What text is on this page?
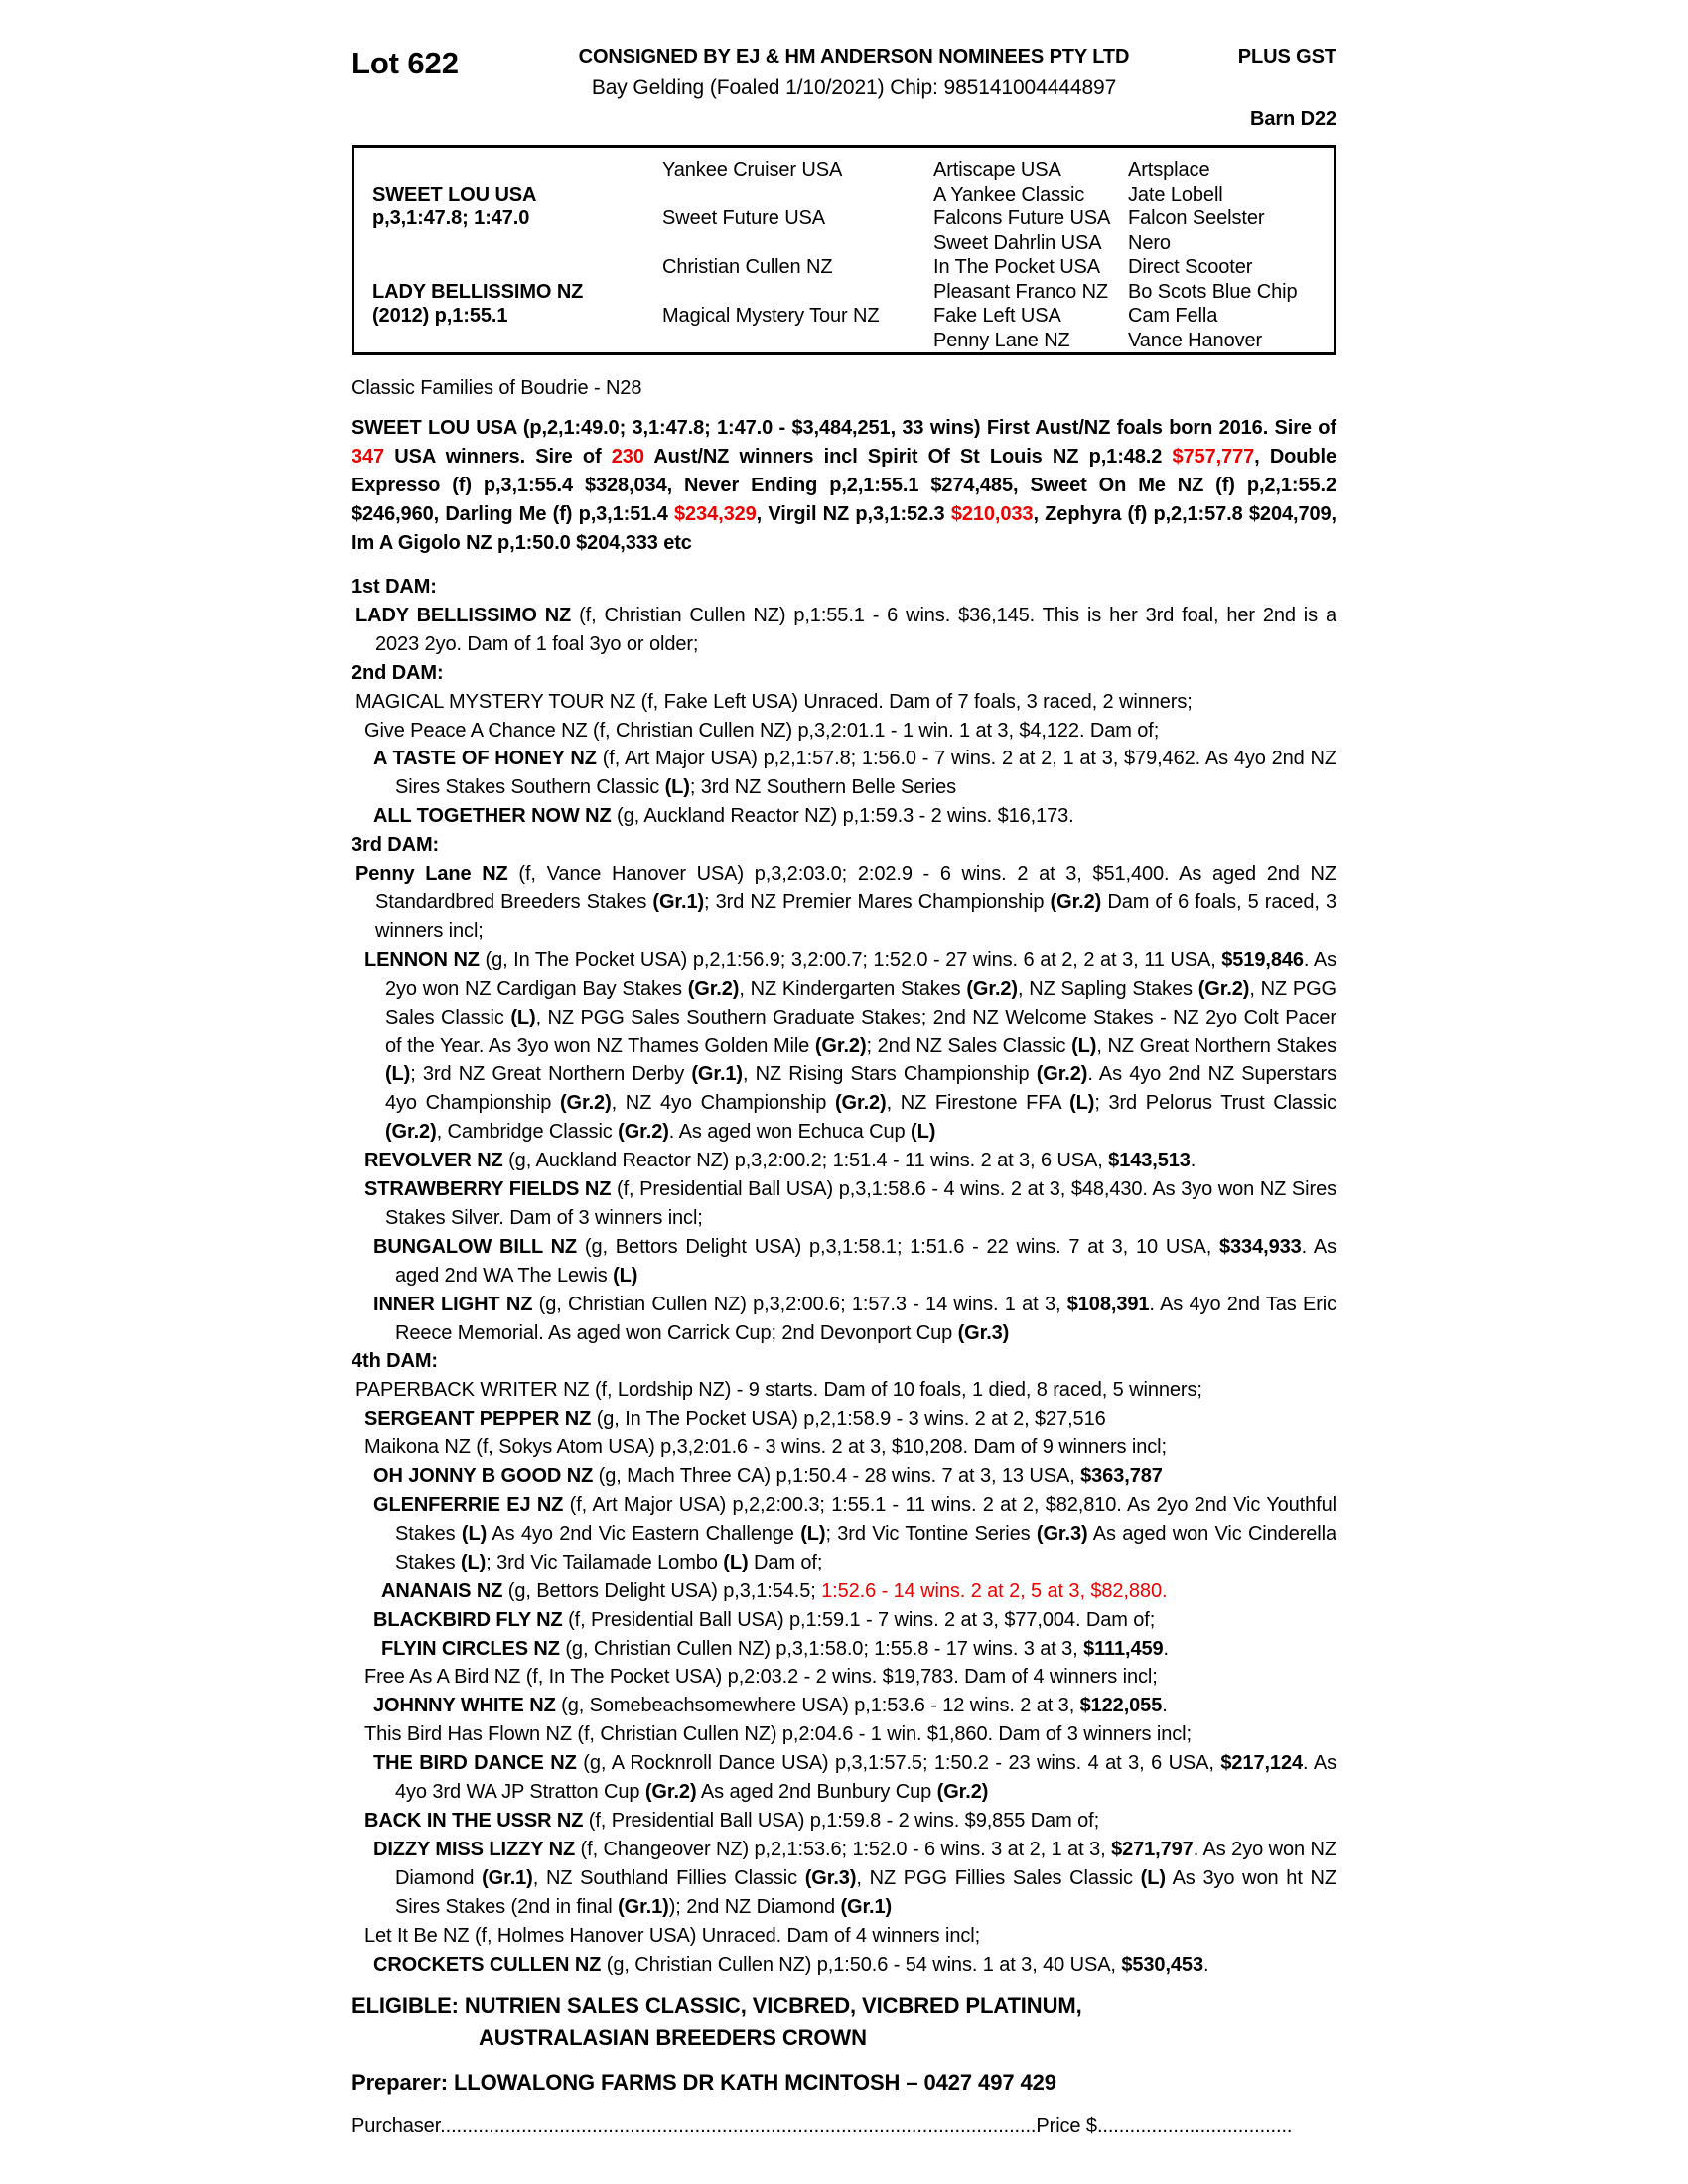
Lot 622	CONSIGNED BY EJ & HM ANDERSON NOMINEES PTY LTD
Bay Gelding (Foaled 1/10/2021) Chip: 985141004444897
PLUS GST
Barn D22

SWEET LOU USA
p,3,1:47.8; 1:47.0

LADY BELLISSIMO NZ
(2012) p,1:55.1

Yankee Cruiser USA

Sweet Future USA

Christian Cullen NZ

Magical Mystery Tour NZ

Artiscape USA
A Yankee Classic
Falcons Future USA
Sweet Dahrlin USA
In The Pocket USA
Pleasant Franco NZ
Fake Left USA
Penny Lane NZ
Artsplace
Jate Lobell
Falcon Seelster
Nero
Direct Scooter
Bo Scots Blue Chip
Cam Fella
Vance Hanover
Classic Families of Boudrie - N28

SWEET LOU USA (p,2,1:49.0; 3,1:47.8; 1:47.0 - $3,484,251, 33 wins) First Aust/NZ foals born 2016. Sire of 347 USA winners. Sire of 230 Aust/NZ winners incl Spirit Of St Louis NZ p,1:48.2 $757,777, Double Expresso (f) p,3,1:55.4 $328,034, Never Ending p,2,1:55.1 $274,485, Sweet On Me NZ (f) p,2,1:55.2 $246,960, Darling Me (f) p,3,1:51.4 $234,329, Virgil NZ p,3,1:52.3 $210,033, Zephyra (f) p,2,1:57.8 $204,709, Im A Gigolo NZ p,1:50.0 $204,333 etc

1st DAM:

LADY BELLISSIMO NZ (f, Christian Cullen NZ) p,1:55.1 - 6 wins. $36,145. This is her 3rd foal, her 2nd is a 2023 2yo. Dam of 1 foal 3yo or older;

2nd DAM:

MAGICAL MYSTERY TOUR NZ (f, Fake Left USA) Unraced. Dam of 7 foals, 3 raced, 2 winners;

Give Peace A Chance NZ (f, Christian Cullen NZ) p,3,2:01.1 - 1 win. 1 at 3, $4,122. Dam of;

A TASTE OF HONEY NZ (f, Art Major USA) p,2,1:57.8; 1:56.0 - 7 wins. 2 at 2, 1 at 3, $79,462. As 4yo 2nd NZ Sires Stakes Southern Classic (L); 3rd NZ Southern Belle Series

ALL TOGETHER NOW NZ (g, Auckland Reactor NZ) p,1:59.3 - 2 wins. $16,173.

3rd DAM:

Penny Lane NZ (f, Vance Hanover USA) p,3,2:03.0; 2:02.9 - 6 wins. 2 at 3, $51,400. As aged 2nd NZ Standardbred Breeders Stakes (Gr.1); 3rd NZ Premier Mares Championship (Gr.2) Dam of 6 foals, 5 raced, 3 winners incl;

LENNON NZ (g, In The Pocket USA) p,2,1:56.9; 3,2:00.7; 1:52.0 - 27 wins. 6 at 2, 2 at 3, 11 USA, $519,846. As 2yo won NZ Cardigan Bay Stakes (Gr.2), NZ Kindergarten Stakes (Gr.2), NZ Sapling Stakes (Gr.2), NZ PGG Sales Classic (L), NZ PGG Sales Southern Graduate Stakes; 2nd NZ Welcome Stakes - NZ 2yo Colt Pacer of the Year. As 3yo won NZ Thames Golden Mile (Gr.2); 2nd NZ Sales Classic (L), NZ Great Northern Stakes (L); 3rd NZ Great Northern Derby (Gr.1), NZ Rising Stars Championship (Gr.2). As 4yo 2nd NZ Superstars 4yo Championship (Gr.2), NZ 4yo Championship (Gr.2), NZ Firestone FFA (L); 3rd Pelorus Trust Classic (Gr.2), Cambridge Classic (Gr.2). As aged won Echuca Cup (L)

REVOLVER NZ (g, Auckland Reactor NZ) p,3,2:00.2; 1:51.4 - 11 wins. 2 at 3, 6 USA, $143,513.

STRAWBERRY FIELDS NZ (f, Presidential Ball USA) p,3,1:58.6 - 4 wins. 2 at 3, $48,430. As 3yo won NZ Sires Stakes Silver. Dam of 3 winners incl;

BUNGALOW BILL NZ (g, Bettors Delight USA) p,3,1:58.1; 1:51.6 - 22 wins. 7 at 3, 10 USA, $334,933. As aged 2nd WA The Lewis (L)

INNER LIGHT NZ (g, Christian Cullen NZ) p,3,2:00.6; 1:57.3 - 14 wins. 1 at 3, $108,391. As 4yo 2nd Tas Eric Reece Memorial. As aged won Carrick Cup; 2nd Devonport Cup (Gr.3)

4th DAM:

PAPERBACK WRITER NZ (f, Lordship NZ) - 9 starts. Dam of 10 foals, 1 died, 8 raced, 5 winners;

SERGEANT PEPPER NZ (g, In The Pocket USA) p,2,1:58.9 - 3 wins. 2 at 2, $27,516

Maikona NZ (f, Sokys Atom USA) p,3,2:01.6 - 3 wins. 2 at 3, $10,208. Dam of 9 winners incl;

OH JONNY B GOOD NZ (g, Mach Three CA) p,1:50.4 - 28 wins. 7 at 3, 13 USA, $363,787

GLENFERRIE EJ NZ (f, Art Major USA) p,2,2:00.3; 1:55.1 - 11 wins. 2 at 2, $82,810. As 2yo 2nd Vic Youthful Stakes (L) As 4yo 2nd Vic Eastern Challenge (L); 3rd Vic Tontine Series (Gr.3) As aged won Vic Cinderella Stakes (L); 3rd Vic Tailamade Lombo (L) Dam of;

ANANAIS NZ (g, Bettors Delight USA) p,3,1:54.5; 1:52.6 - 14 wins. 2 at 2, 5 at 3, $82,880.

BLACKBIRD FLY NZ (f, Presidential Ball USA) p,1:59.1 - 7 wins. 2 at 3, $77,004. Dam of;

FLYIN CIRCLES NZ (g, Christian Cullen NZ) p,3,1:58.0; 1:55.8 - 17 wins. 3 at 3, $111,459.

Free As A Bird NZ (f, In The Pocket USA) p,2:03.2 - 2 wins. $19,783. Dam of 4 winners incl;

JOHNNY WHITE NZ (g, Somebeachsomewhere USA) p,1:53.6 - 12 wins. 2 at 3, $122,055.

This Bird Has Flown NZ (f, Christian Cullen NZ) p,2:04.6 - 1 win. $1,860. Dam of 3 winners incl;

THE BIRD DANCE NZ (g, A Rocknroll Dance USA) p,3,1:57.5; 1:50.2 - 23 wins. 4 at 3, 6 USA, $217,124. As 4yo 3rd WA JP Stratton Cup (Gr.2) As aged 2nd Bunbury Cup (Gr.2)

BACK IN THE USSR NZ (f, Presidential Ball USA) p,1:59.8 - 2 wins. $9,855 Dam of;

DIZZY MISS LIZZY NZ (f, Changeover NZ) p,2,1:53.6; 1:52.0 - 6 wins. 3 at 2, 1 at 3, $271,797. As 2yo won NZ Diamond (Gr.1), NZ Southland Fillies Classic (Gr.3), NZ PGG Fillies Sales Classic (L) As 3yo won ht NZ Sires Stakes (2nd in final (Gr.1)); 2nd NZ Diamond (Gr.1)

Let It Be NZ (f, Holmes Hanover USA) Unraced. Dam of 4 winners incl;

CROCKETS CULLEN NZ (g, Christian Cullen NZ) p,1:50.6 - 54 wins. 1 at 3, 40 USA, $530,453.

ELIGIBLE: NUTRIEN SALES CLASSIC, VICBRED, VICBRED PLATINUM,
AUSTRALASIAN BREEDERS CROWN
Preparer: LLOWALONG FARMS DR KATH MCINTOSH – 0427 497 429
Purchaser..............................................................................................................Price $....................................
